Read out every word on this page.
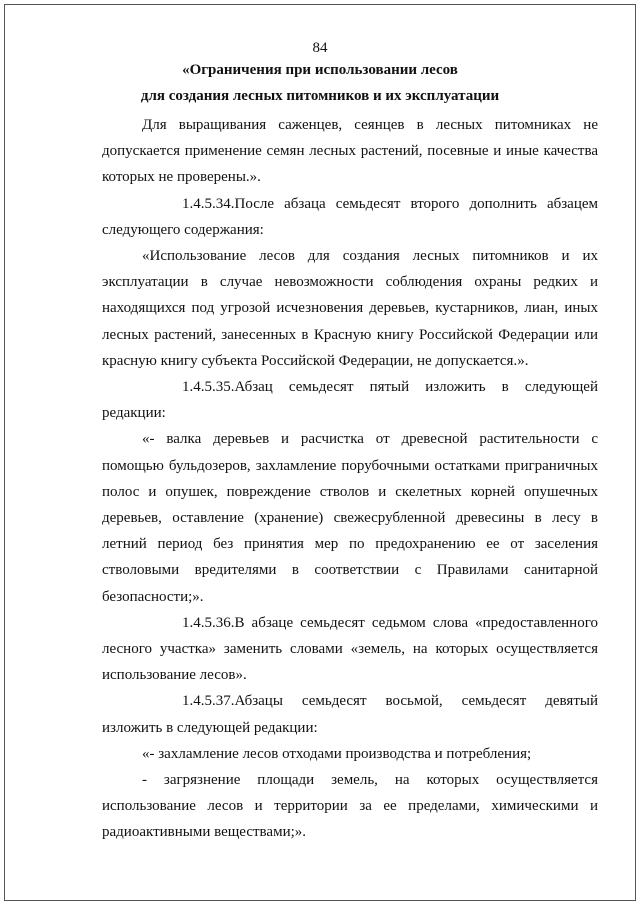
84
«Ограничения при использовании лесов
для создания лесных питомников и их эксплуатации

Для выращивания саженцев, сеянцев в лесных питомниках не допускается применение семян лесных растений, посевные и иные качества которых не проверены.».

1.4.5.34.После абзаца семьдесят второго дополнить абзацем следующего содержания:

«Использование лесов для создания лесных питомников и их эксплуатации в случае невозможности соблюдения охраны редких и находящихся под угрозой исчезновения деревьев, кустарников, лиан, иных лесных растений, занесенных в Красную книгу Российской Федерации или красную книгу субъекта Российской Федерации, не допускается.».

1.4.5.35.Абзац семьдесят пятый изложить в следующей редакции:

«- валка деревьев и расчистка от древесной растительности с помощью бульдозеров, захламление порубочными остатками приграничных полос и опушек, повреждение стволов и скелетных корней опушечных деревьев, оставление (хранение) свежесрубленной древесины в лесу в летний период без принятия мер по предохранению ее от заселения стволовыми вредителями в соответствии с Правилами санитарной безопасности;».

1.4.5.36.В абзаце семьдесят седьмом слова «предоставленного лесного участка» заменить словами «земель, на которых осуществляется использование лесов».

1.4.5.37.Абзацы семьдесят восьмой, семьдесят девятый изложить в следующей редакции:

«- захламление лесов отходами производства и потребления;

- загрязнение площади земель, на которых осуществляется использование лесов и территории за ее пределами, химическими и радиоактивными веществами;».
